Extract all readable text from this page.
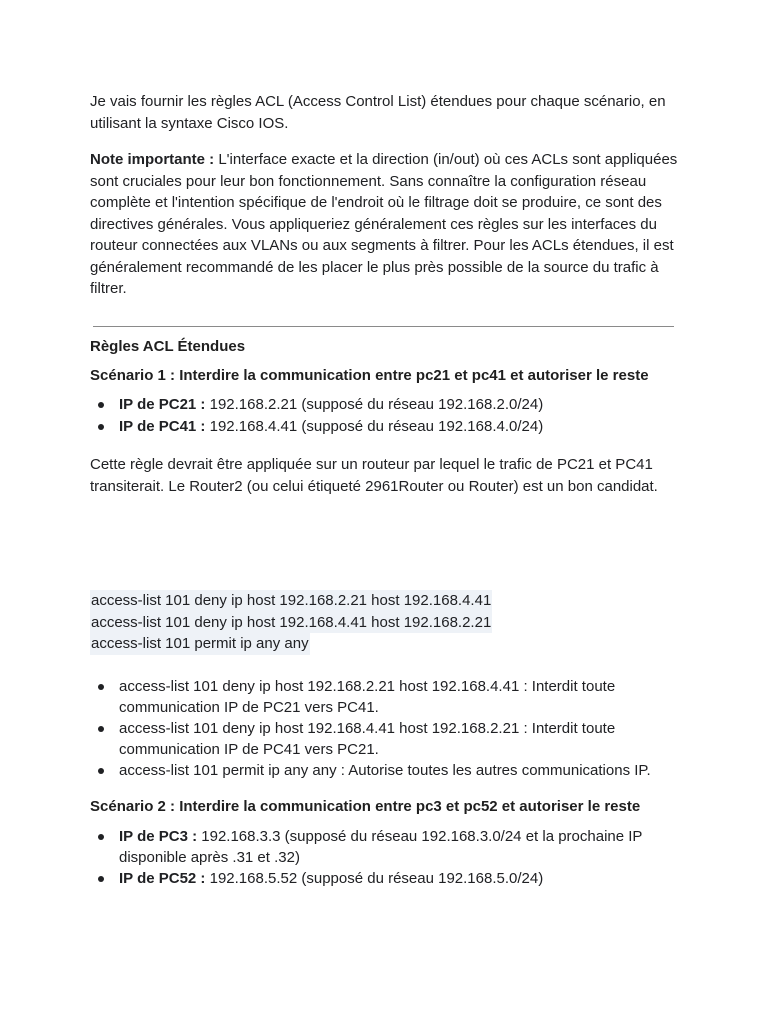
Je vais fournir les règles ACL (Access Control List) étendues pour chaque scénario, en utilisant la syntaxe Cisco IOS.

Note importante : L'interface exacte et la direction (in/out) où ces ACLs sont appliquées sont cruciales pour leur bon fonctionnement. Sans connaître la configuration réseau complète et l'intention spécifique de l'endroit où le filtrage doit se produire, ce sont des directives générales. Vous appliqueriez généralement ces règles sur les interfaces du routeur connectées aux VLANs ou aux segments à filtrer. Pour les ACLs étendues, il est généralement recommandé de les placer le plus près possible de la source du trafic à filtrer.

Règles ACL Étendues
Scénario 1 : Interdire la communication entre pc21 et pc41 et autoriser le reste
IP de PC21 : 192.168.2.21 (supposé du réseau 192.168.2.0/24)
IP de PC41 : 192.168.4.41 (supposé du réseau 192.168.4.0/24)

Cette règle devrait être appliquée sur un routeur par lequel le trafic de PC21 et PC41 transiterait. Le Router2 (ou celui étiqueté 2961Router ou Router) est un bon candidat.

access-list 101 deny ip host 192.168.2.21 host 192.168.4.41
access-list 101 deny ip host 192.168.4.41 host 192.168.2.21
access-list 101 permit ip any any
access-list 101 deny ip host 192.168.2.21 host 192.168.4.41 : Interdit toute communication IP de PC21 vers PC41.
access-list 101 deny ip host 192.168.4.41 host 192.168.2.21 : Interdit toute communication IP de PC41 vers PC21.
access-list 101 permit ip any any : Autorise toutes les autres communications IP.
Scénario 2 : Interdire la communication entre pc3 et pc52 et autoriser le reste
IP de PC3 : 192.168.3.3 (supposé du réseau 192.168.3.0/24 et la prochaine IP disponible après .31 et .32)
IP de PC52 : 192.168.5.52 (supposé du réseau 192.168.5.0/24)
